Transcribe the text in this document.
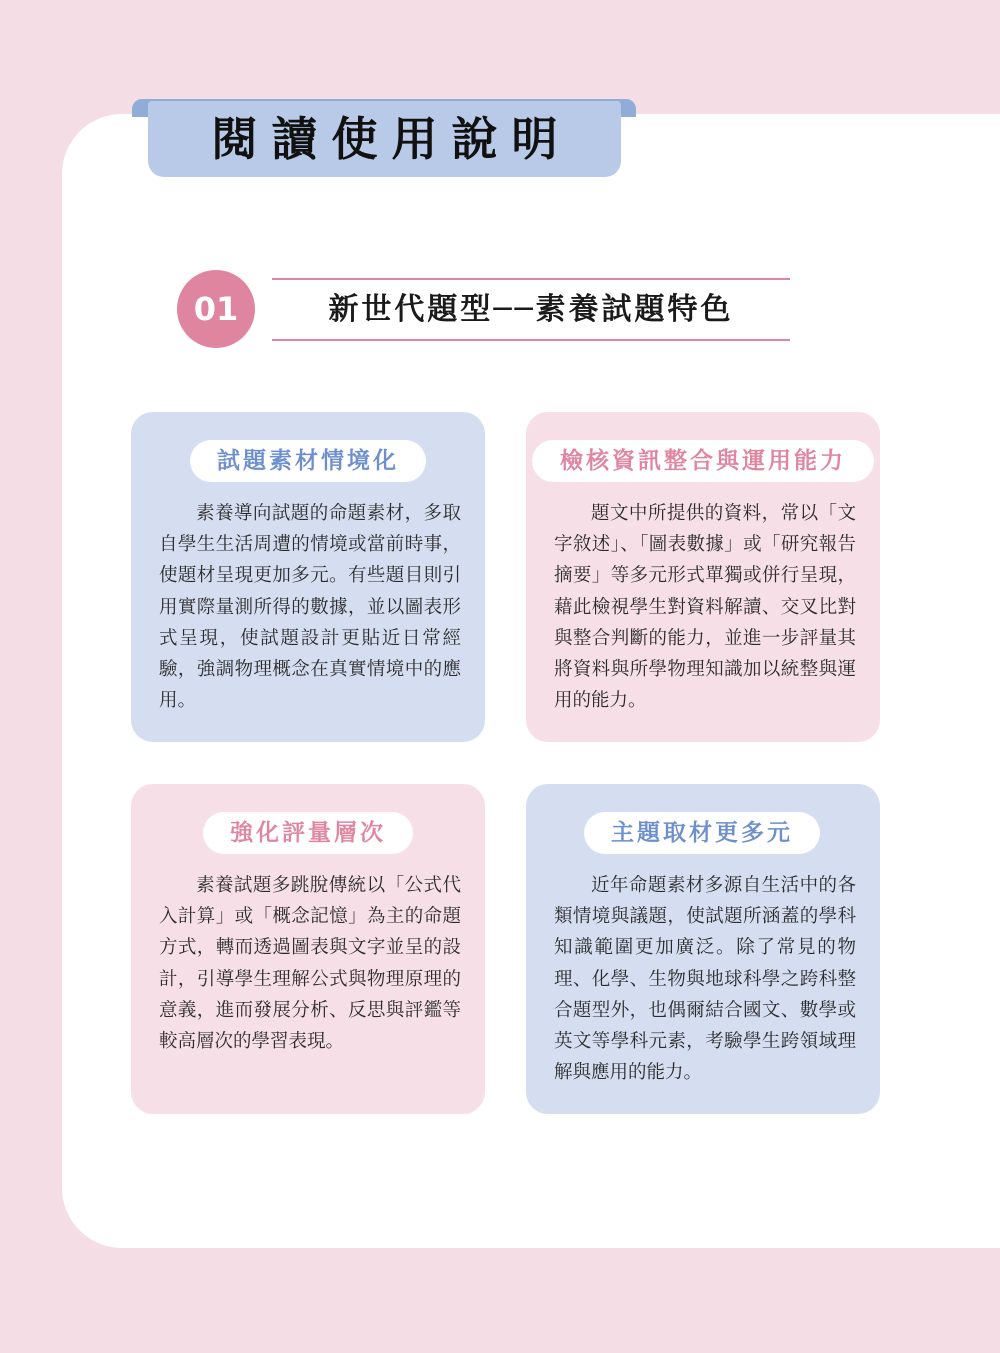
閱讀使用說明
01	新世代題型──素養試題特色
試題素材情境化
素養導向試題的命題素材，多取自學生生活周遭的情境或當前時事，使題材呈現更加多元。有些題目則引用實際量測所得的數據，並以圖表形式呈現，使試題設計更貼近日常經驗，強調物理概念在真實情境中的應用。
檢核資訊整合與運用能力
題文中所提供的資料，常以「文字敘述」、「圖表數據」或「研究報告摘要」等多元形式單獨或併行呈現，藉此檢視學生對資料解讀、交叉比對與整合判斷的能力，並進一步評量其將資料與所學物理知識加以統整與運用的能力。
強化評量層次
素養試題多跳脫傳統以「公式代入計算」或「概念記憶」為主的命題方式，轉而透過圖表與文字並呈的設計，引導學生理解公式與物理原理的意義，進而發展分析、反思與評鑑等較高層次的學習表現。
主題取材更多元
近年命題素材多源自生活中的各類情境與議題，使試題所涵蓋的學科知識範圍更加廣泛。除了常見的物理、化學、生物與地球科學之跨科整合題型外，也偶爾結合國文、數學或英文等學科元素，考驗學生跨領域理解與應用的能力。
